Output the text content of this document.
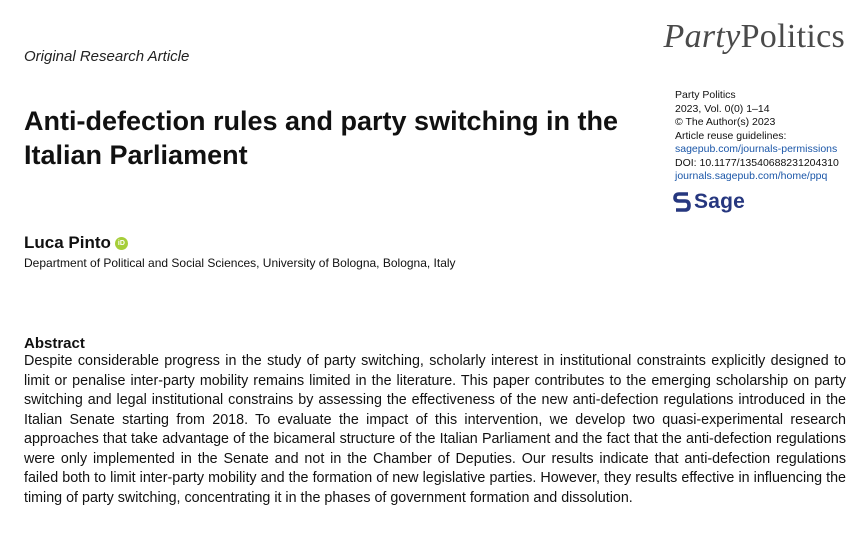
Original Research Article
PartyPolitics
Anti-defection rules and party switching in the Italian Parliament
Party Politics
2023, Vol. 0(0) 1–14
© The Author(s) 2023
Article reuse guidelines:
sagepub.com/journals-permissions
DOI: 10.1177/13540688231204310
journals.sagepub.com/home/ppq
Sage
Luca Pinto	iD
Department of Political and Social Sciences, University of Bologna, Bologna, Italy
Abstract
Despite considerable progress in the study of party switching, scholarly interest in institutional constraints explicitly designed to limit or penalise inter-party mobility remains limited in the literature. This paper contributes to the emerging scholarship on party switching and legal institutional constrains by assessing the effectiveness of the new anti-defection regulations introduced in the Italian Senate starting from 2018. To evaluate the impact of this intervention, we develop two quasi-experimental research approaches that take advantage of the bicameral structure of the Italian Parliament and the fact that the anti-defection regulations were only implemented in the Senate and not in the Chamber of Deputies. Our results indicate that anti-defection regulations failed both to limit inter-party mobility and the formation of new legislative parties. However, they results effective in influencing the timing of party switching, concentrating it in the phases of government formation and dissolution.
